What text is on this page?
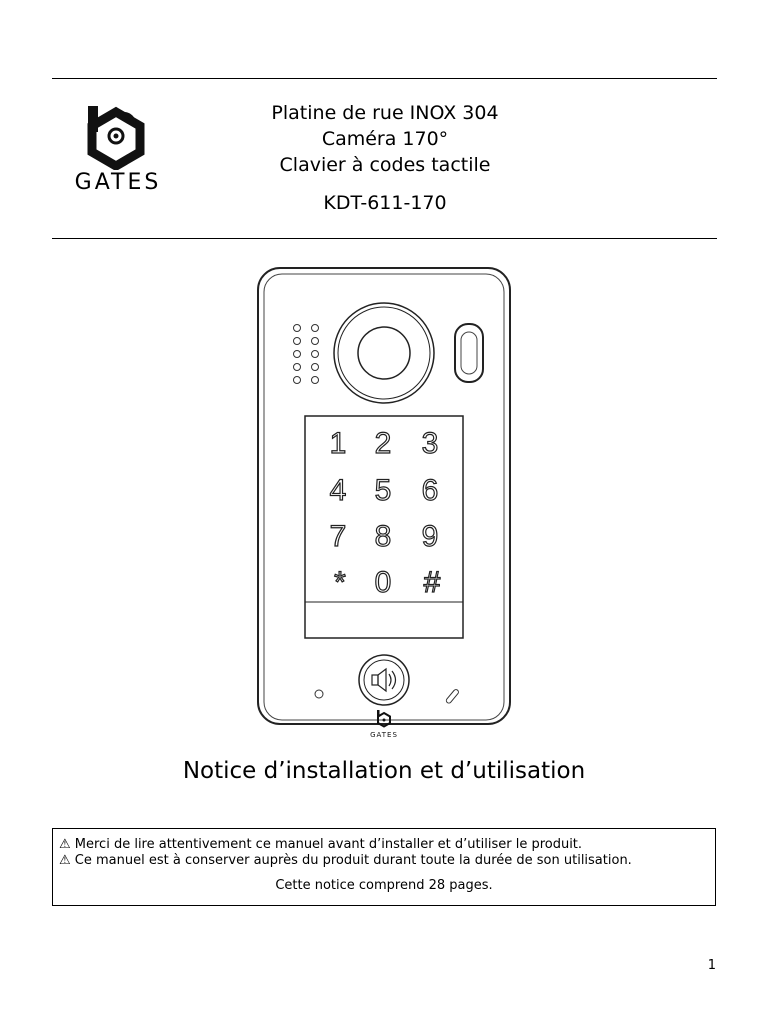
GATES
Platine de rue INOX 304
Caméra 170°
Clavier à codes tactile
KDT-611-170
1 2 3
4 5 6
7 8 9
* 0 #
GATES
Notice d’installation et d’utilisation
⚠ Merci de lire attentivement ce manuel avant d’installer et d’utiliser le produit.
⚠ Ce manuel est à conserver auprès du produit durant toute la durée de son utilisation.
Cette notice comprend 28 pages.
1
